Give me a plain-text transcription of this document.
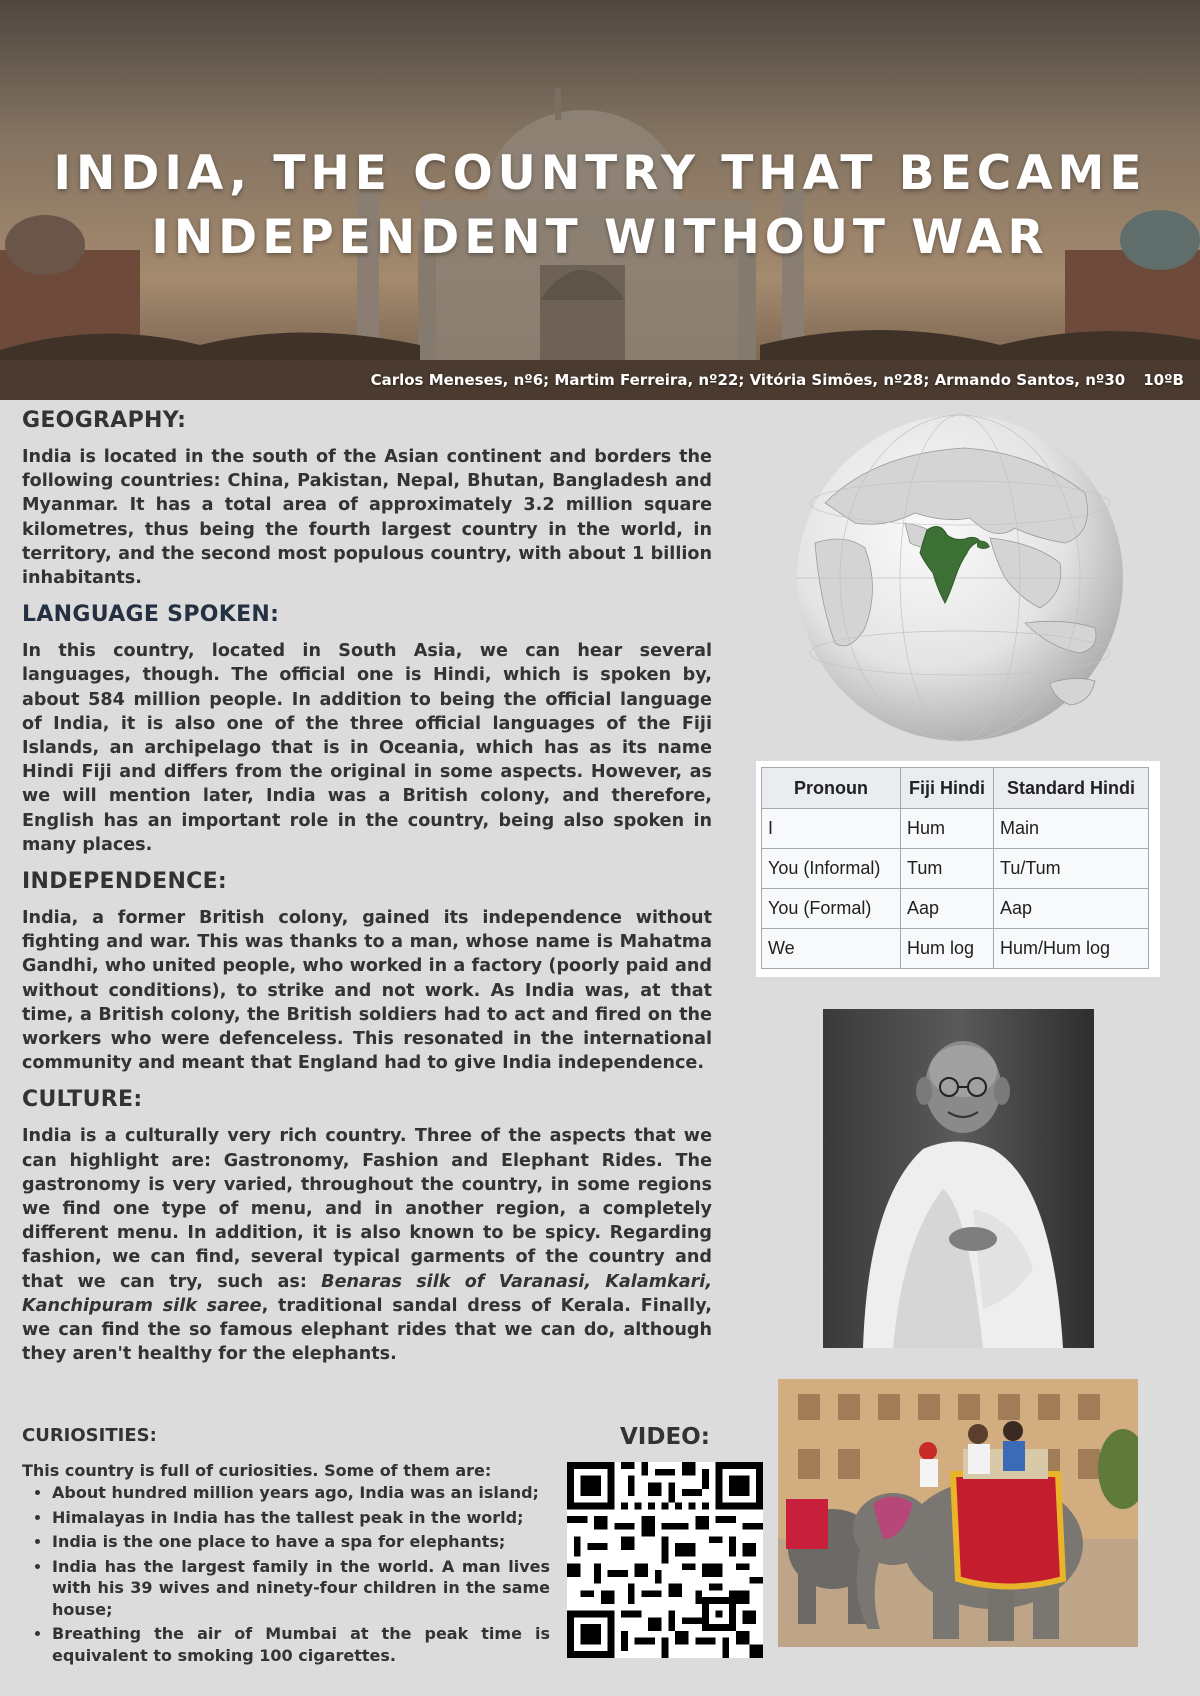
INDIA, THE COUNTRY THAT BECAME
INDEPENDENT WITHOUT WAR
Carlos Meneses, nº6; Martim Ferreira, nº22; Vitória Simões, nº28; Armando Santos, nº30 10ºB
GEOGRAPHY:

India is located in the south of the Asian continent and borders the following countries: China, Pakistan, Nepal, Bhutan, Bangladesh and Myanmar. It has a total area of approximately 3.2 million square kilometres, thus being the fourth largest country in the world, in territory, and the second most populous country, with about 1 billion inhabitants.

LANGUAGE SPOKEN:

In this country, located in South Asia, we can hear several languages, though. The official one is Hindi, which is spoken by, about 584 million people. In addition to being the official language of India, it is also one of the three official languages of the Fiji Islands, an archipelago that is in Oceania, which has as its name Hindi Fiji and differs from the original in some aspects. However, as we will mention later, India was a British colony, and therefore, English has an important role in the country, being also spoken in many places.

INDEPENDENCE:

India, a former British colony, gained its independence without fighting and war. This was thanks to a man, whose name is Mahatma Gandhi, who united people, who worked in a factory (poorly paid and without conditions), to strike and not work. As India was, at that time, a British colony, the British soldiers had to act and fired on the workers who were defenceless. This resonated in the international community and meant that England had to give India independence.

CULTURE:

India is a culturally very rich country. Three of the aspects that we can highlight are: Gastronomy, Fashion and Elephant Rides. The gastronomy is very varied, throughout the country, in some regions we find one type of menu, and in another region, a completely different menu. In addition, it is also known to be spicy. Regarding fashion, we can find, several typical garments of the country and that we can try, such as: Benaras silk of Varanasi, Kalamkari, Kanchipuram silk saree, traditional sandal dress of Kerala. Finally, we can find the so famous elephant rides that we can do, although they aren't healthy for the elephants.

CURIOSITIES:
This country is full of curiosities. Some of them are:
• About hundred million years ago, India was an island;
• Himalayas in India has the tallest peak in the world;
• India is the one place to have a spa for elephants;
• India has the largest family in the world. A man lives with his 39 wives and ninety-four children in the same house;
• Breathing the air of Mumbai at the peak time is equivalent to smoking 100 cigarettes.
VIDEO:
Pronoun	Fiji Hindi	Standard Hindi
I	Hum	Main
You (Informal)	Tum	Tu/Tum
You (Formal)	Aap	Aap
We	Hum log	Hum/Hum log
